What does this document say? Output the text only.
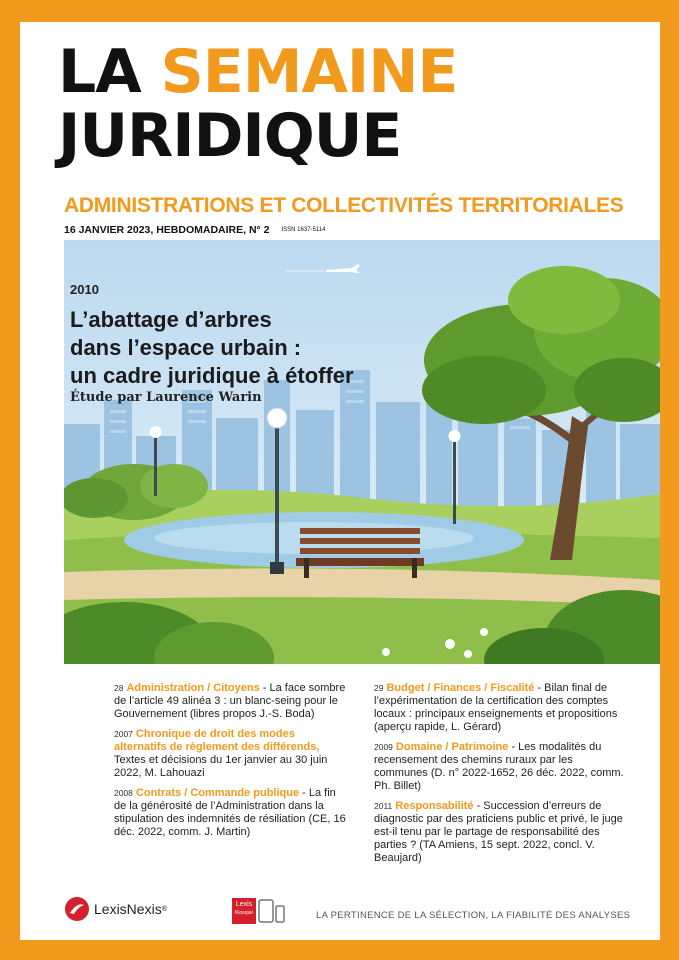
LA SEMAINE
JURIDIQUE
ADMINISTRATIONS ET COLLECTIVITÉS TERRITORIALES
16 JANVIER 2023, HEBDOMADAIRE, N° 2 ISSN 1637-5114
2010
L’abattage d’arbres
dans l’espace urbain :
un cadre juridique à étoffer
Étude par Laurence Warin
28 Administration / Citoyens - La face sombre de l’article 49 alinéa 3 : un blanc-seing pour le Gouvernement (libres propos J.-S. Boda)
2007 Chronique de droit des modes alternatifs de règlement des différends, Textes et décisions du 1er janvier au 30 juin 2022, M. Lahouazi
2008 Contrats / Commande publique - La fin de la générosité de l’Administration dans la stipulation des indemnités de résiliation (CE, 16 déc. 2022, comm. J. Martin)
29 Budget / Finances / Fiscalité - Bilan final de l’expérimentation de la certification des comptes locaux : principaux enseignements et propositions (aperçu rapide, L. Gérard)
2009 Domaine / Patrimoine - Les modalités du recensement des chemins ruraux par les communes (D. n° 2022-1652, 26 déc. 2022, comm. Ph. Billet)
2011 Responsabilité - Succession d’erreurs de diagnostic par des praticiens public et privé, le juge est-il tenu par le partage de responsabilité des parties ? (TA Amiens, 15 sept. 2022, concl. V. Beaujard)
LexisNexis ®
Lexis
Kiosque	LA PERTINENCE DE LA SÉLECTION, LA FIABILITÉ DES ANALYSES
